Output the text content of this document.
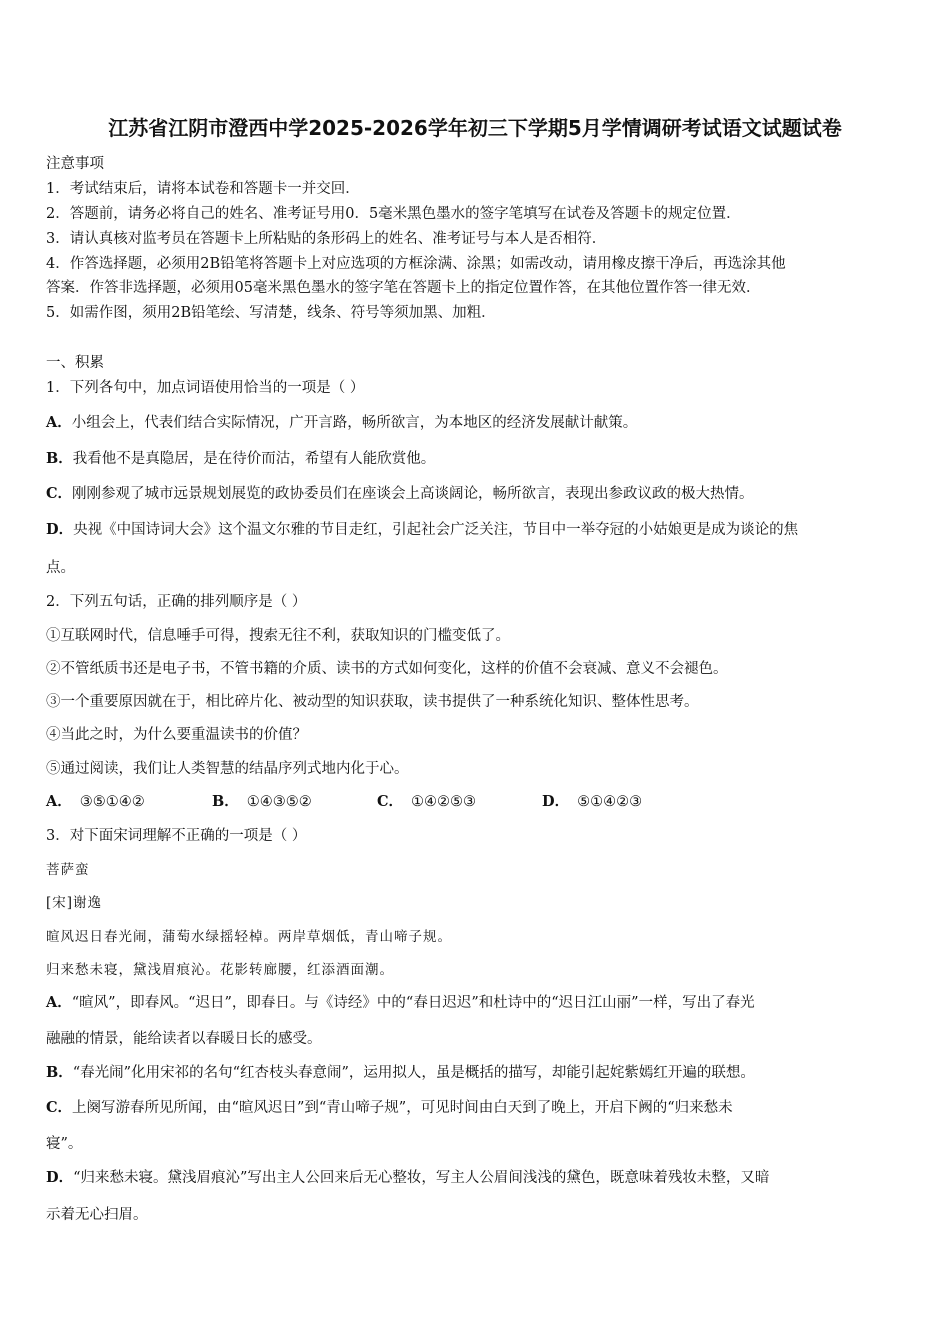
江苏省江阴市澄西中学2025-2026学年初三下学期5月学情调研考试语文试题试卷
注意事项
1．考试结束后，请将本试卷和答题卡一并交回．
2．答题前，请务必将自己的姓名、准考证号用0．5毫米黑色墨水的签字笔填写在试卷及答题卡的规定位置．
3．请认真核对监考员在答题卡上所粘贴的条形码上的姓名、准考证号与本人是否相符．
4．作答选择题，必须用2B铅笔将答题卡上对应选项的方框涂满、涂黑；如需改动，请用橡皮擦干净后，再选涂其他
答案．作答非选择题，必须用05毫米黑色墨水的签字笔在答题卡上的指定位置作答，在其他位置作答一律无效．
5．如需作图，须用2B铅笔绘、写清楚，线条、符号等须加黑、加粗．
一、积累
1．下列各句中，加点词语使用恰当的一项是（ ）
A．小组会上，代表们结合实际情况，广开言路，畅所欲言，为本地区的经济发展献计献策。
B．我看他不是真隐居，是在待价而沽，希望有人能欣赏他。
C．刚刚参观了城市远景规划展览的政协委员们在座谈会上高谈阔论，畅所欲言，表现出参政议政的极大热情。
D．央视《中国诗词大会》这个温文尔雅的节目走红，引起社会广泛关注，节目中一举夺冠的小姑娘更是成为谈论的焦
点。
2．下列五句话，正确的排列顺序是（ ）
①互联网时代，信息唾手可得，搜索无往不利，获取知识的门槛变低了。
②不管纸质书还是电子书，不管书籍的介质、读书的方式如何变化，这样的价值不会衰减、意义不会褪色。
③一个重要原因就在于，相比碎片化、被动型的知识获取，读书提供了一种系统化知识、整体性思考。
④当此之时，为什么要重温读书的价值？
⑤通过阅读，我们让人类智慧的结晶序列式地内化于心。
A． ③⑤①④②	B． ①④③⑤②	C． ①④②⑤③	D． ⑤①④②③
3．对下面宋词理解不正确的一项是（ ）
菩萨蛮
[宋]谢逸
暄风迟日春光闹，蒲萄水绿摇轻棹。两岸草烟低，青山啼子规。
归来愁未寝，黛浅眉痕沁。花影转廊腰，红添酒面潮。
A．“暄风”，即春风。“迟日”，即春日。与《诗经》中的“春日迟迟”和杜诗中的“迟日江山丽”一样，写出了春光
融融的情景，能给读者以春暖日长的感受。
B．“春光闹”化用宋祁的名句“红杏枝头春意闹”，运用拟人，虽是概括的描写，却能引起姹紫嫣红开遍的联想。
C．上阕写游春所见所闻，由“暄风迟日”到“青山啼子规”，可见时间由白天到了晚上，开启下阙的“归来愁未
寝”。
D．“归来愁未寝。黛浅眉痕沁”写出主人公回来后无心整妆，写主人公眉间浅浅的黛色，既意味着残妆未整，又暗
示着无心扫眉。
